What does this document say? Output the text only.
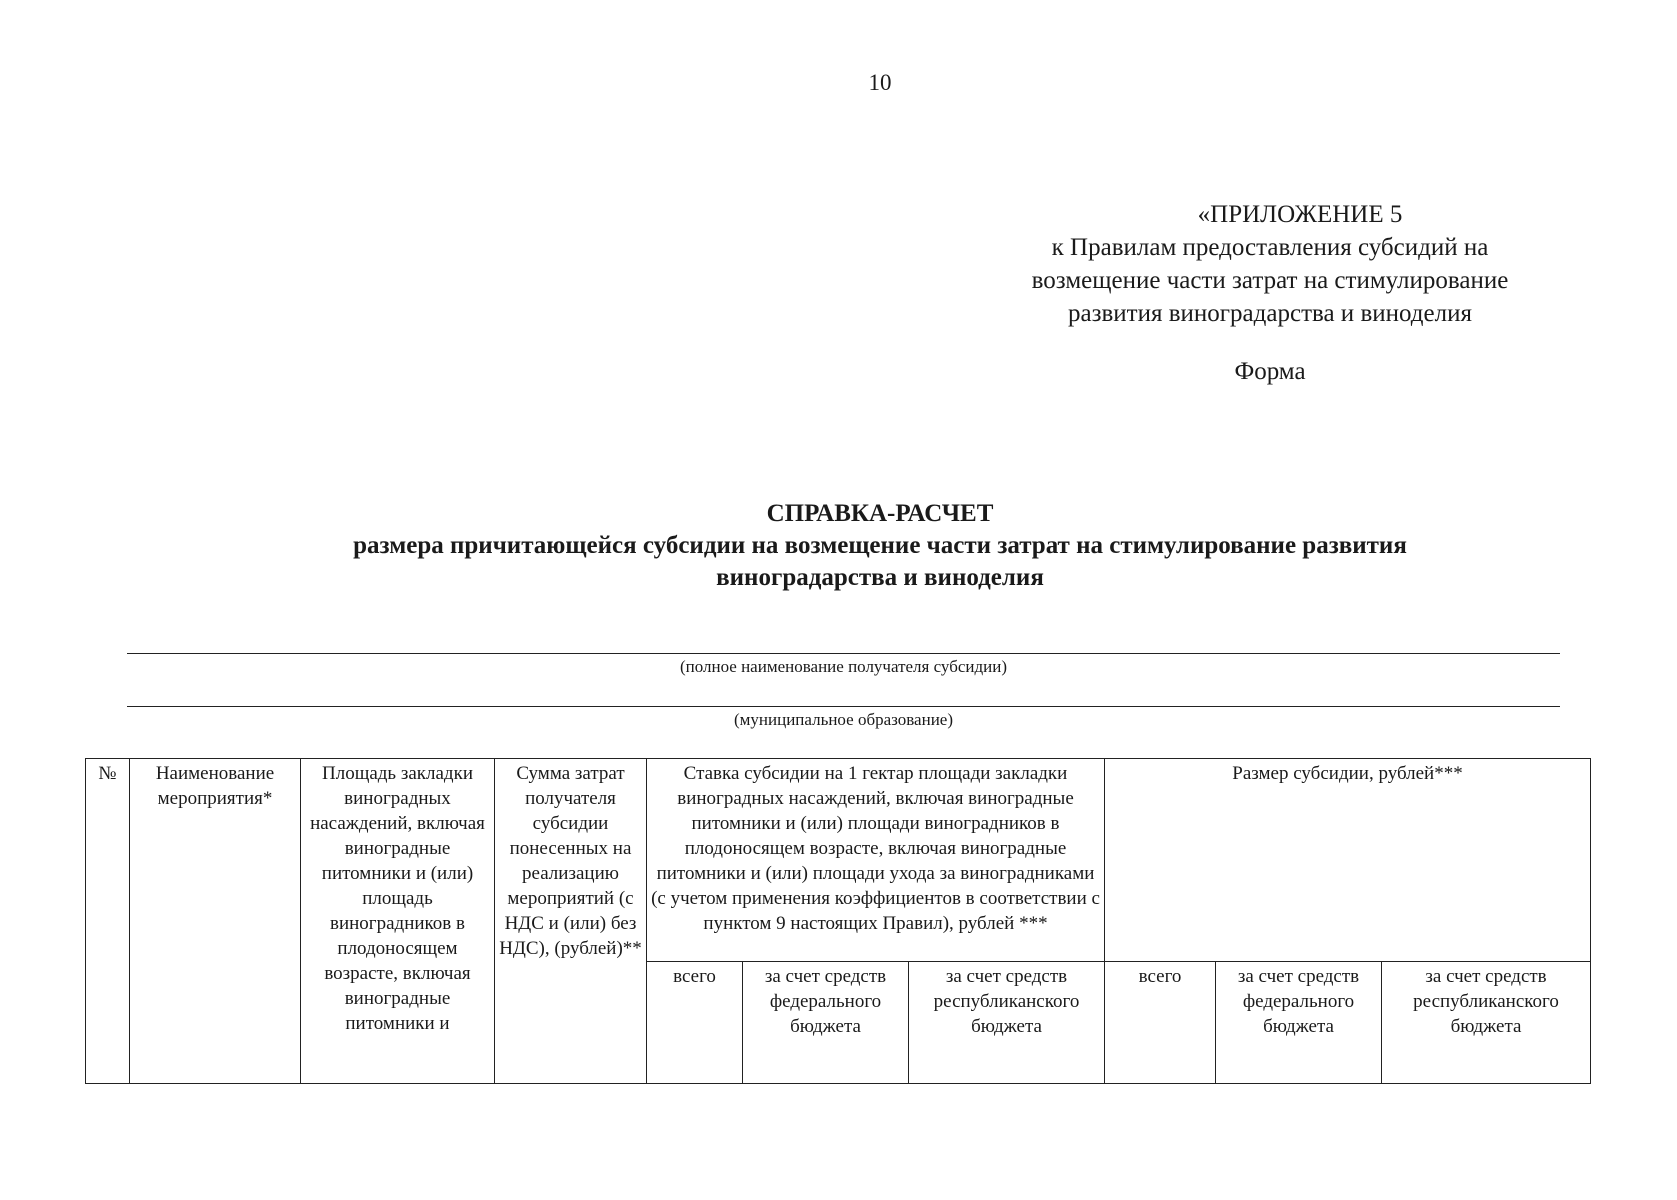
10
«ПРИЛОЖЕНИЕ 5
к Правилам предоставления субсидий на
возмещение части затрат на стимулирование
развития виноградарства и виноделия
Форма
СПРАВКА-РАСЧЕТ
размера причитающейся субсидии на возмещение части затрат на стимулирование развития виноградарства и виноделия
(полное наименование получателя субсидии)
(муниципальное образование)
№	Наименование мероприятия*	Площадь закладки виноградных насаждений, включая виноградные питомники и (или) площадь виноградников в плодоносящем возрасте, включая виноградные питомники и	Сумма затрат получателя субсидии понесенных на реализацию мероприятий (с НДС и (или) без НДС), (рублей)**	Ставка субсидии на 1 гектар площади закладки виноградных насаждений, включая виноградные питомники и (или) площади виноградников в плодоносящем возрасте, включая виноградные питомники и (или) площади ухода за виноградниками (с учетом применения коэффициентов в соответствии с пунктом 9 настоящих Правил), рублей ***			Размер субсидии, рублей***		
				всего	за счет средств федерального бюджета	за счет средств республиканского бюджета	всего	за счет средств федерального бюджета	за счет средств республиканского бюджета
